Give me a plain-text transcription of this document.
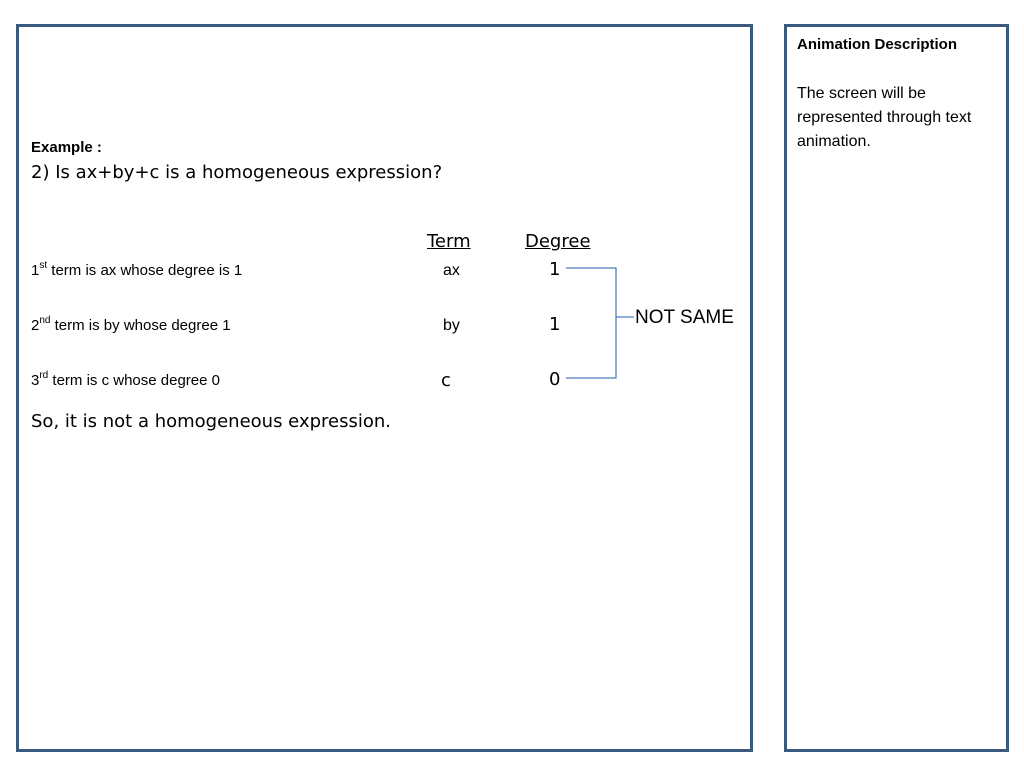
Example :
2) Is ax+by+c is a homogeneous expression?
Term	Degree
1st term is ax whose degree is 1
2nd term is by whose degree 1
3rd term is c whose degree 0
ax
by
c
1
1
0
NOT SAME
So, it is not a homogeneous expression.
Animation Description
The screen will be represented through text animation.
